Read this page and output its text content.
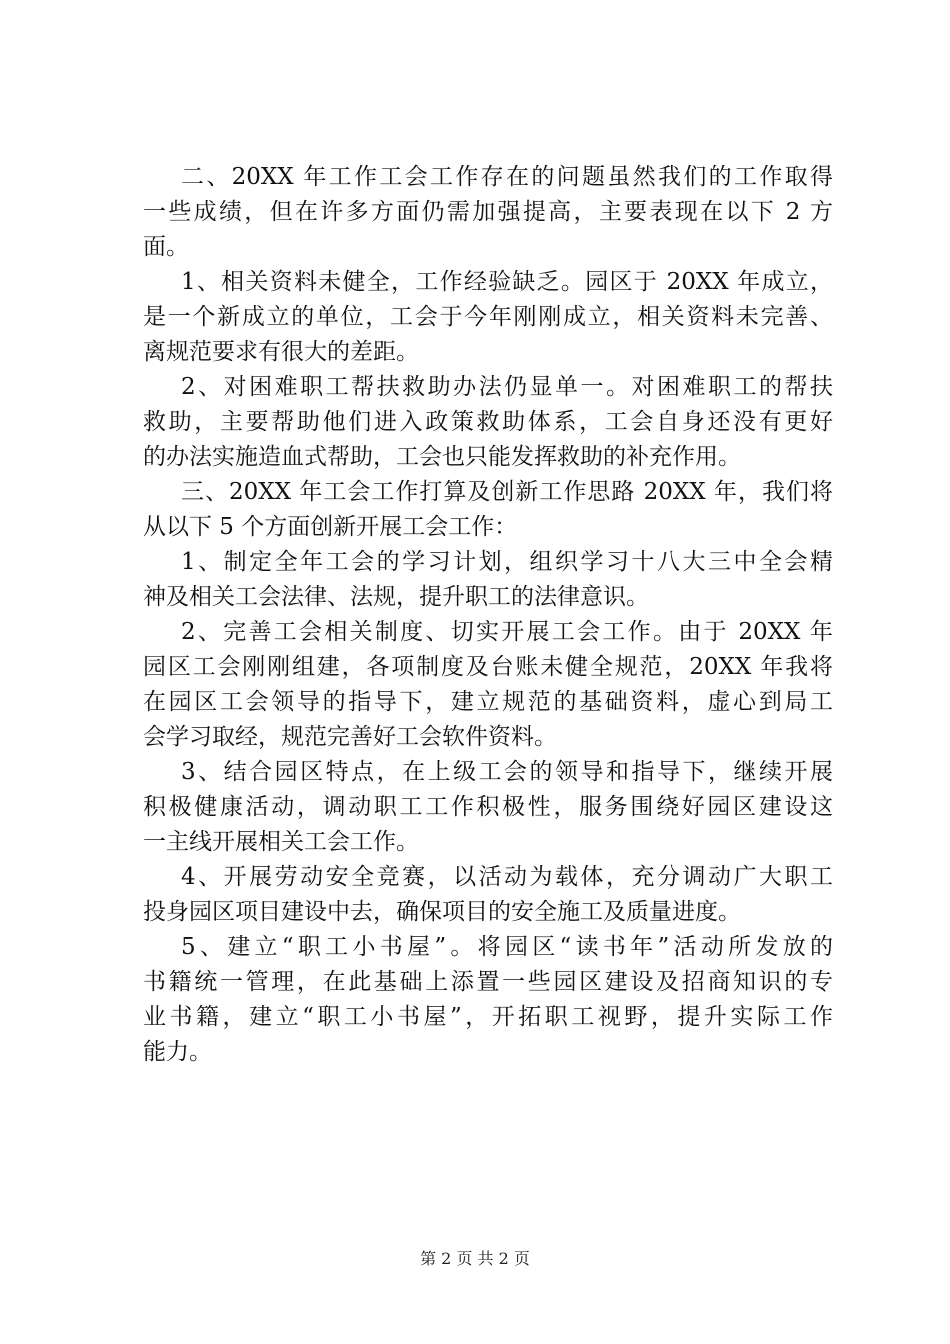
二、20XX 年工作工会工作存在的问题虽然我们的工作取得
一些成绩，但在许多方面仍需加强提高，主要表现在以下 2 方
面。
1、相关资料未健全，工作经验缺乏。园区于 20XX 年成立，
是一个新成立的单位，工会于今年刚刚成立，相关资料未完善、
离规范要求有很大的差距。
2、对困难职工帮扶救助办法仍显单一。对困难职工的帮扶
救助，主要帮助他们进入政策救助体系，工会自身还没有更好
的办法实施造血式帮助，工会也只能发挥救助的补充作用。
三、20XX 年工会工作打算及创新工作思路 20XX 年，我们将
从以下 5 个方面创新开展工会工作：
1、制定全年工会的学习计划，组织学习十八大三中全会精
神及相关工会法律、法规，提升职工的法律意识。
2、完善工会相关制度、切实开展工会工作。由于 20XX 年
园区工会刚刚组建，各项制度及台账未健全规范，20XX 年我将
在园区工会领导的指导下，建立规范的基础资料，虚心到局工
会学习取经，规范完善好工会软件资料。
3、结合园区特点，在上级工会的领导和指导下，继续开展
积极健康活动，调动职工工作积极性，服务围绕好园区建设这
一主线开展相关工会工作。
4、开展劳动安全竞赛，以活动为载体，充分调动广大职工
投身园区项目建设中去，确保项目的安全施工及质量进度。
5、建立“职工小书屋”。将园区“读书年”活动所发放的
书籍统一管理，在此基础上添置一些园区建设及招商知识的专
业书籍，建立“职工小书屋”，开拓职工视野，提升实际工作
能力。
第 2 页 共 2 页
